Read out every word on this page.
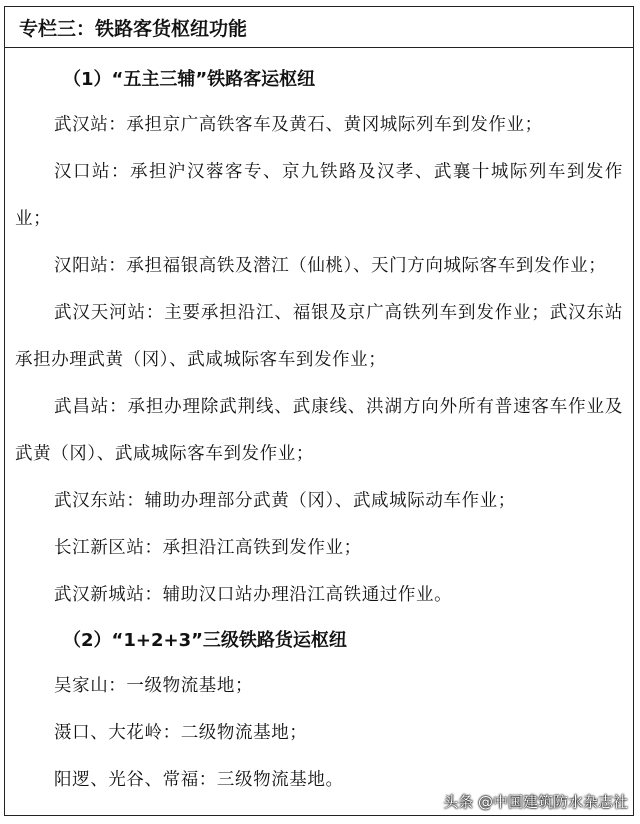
专栏三：铁路客货枢纽功能
（1）“五主三辅”铁路客运枢纽

武汉站：承担京广高铁客车及黄石、黄冈城际列车到发作业；

汉口站：承担沪汉蓉客专、京九铁路及汉孝、武襄十城际列车到发作业；

汉阳站：承担福银高铁及潜江（仙桃）、天门方向城际客车到发作业；

武汉天河站：主要承担沿江、福银及京广高铁列车到发作业；武汉东站承担办理武黄（冈）、武咸城际客车到发作业；

武昌站：承担办理除武荆线、武康线、洪湖方向外所有普速客车作业及武黄（冈）、武咸城际客车到发作业；

武汉东站：辅助办理部分武黄（冈）、武咸城际动车作业；

长江新区站：承担沿江高铁到发作业；

武汉新城站：辅助汉口站办理沿江高铁通过作业。

（2）“1+2+3”三级铁路货运枢纽

吴家山：一级物流基地；

滠口、大花岭：二级物流基地；

阳逻、光谷、常福：三级物流基地。

头条 @中国建筑防水杂志社
